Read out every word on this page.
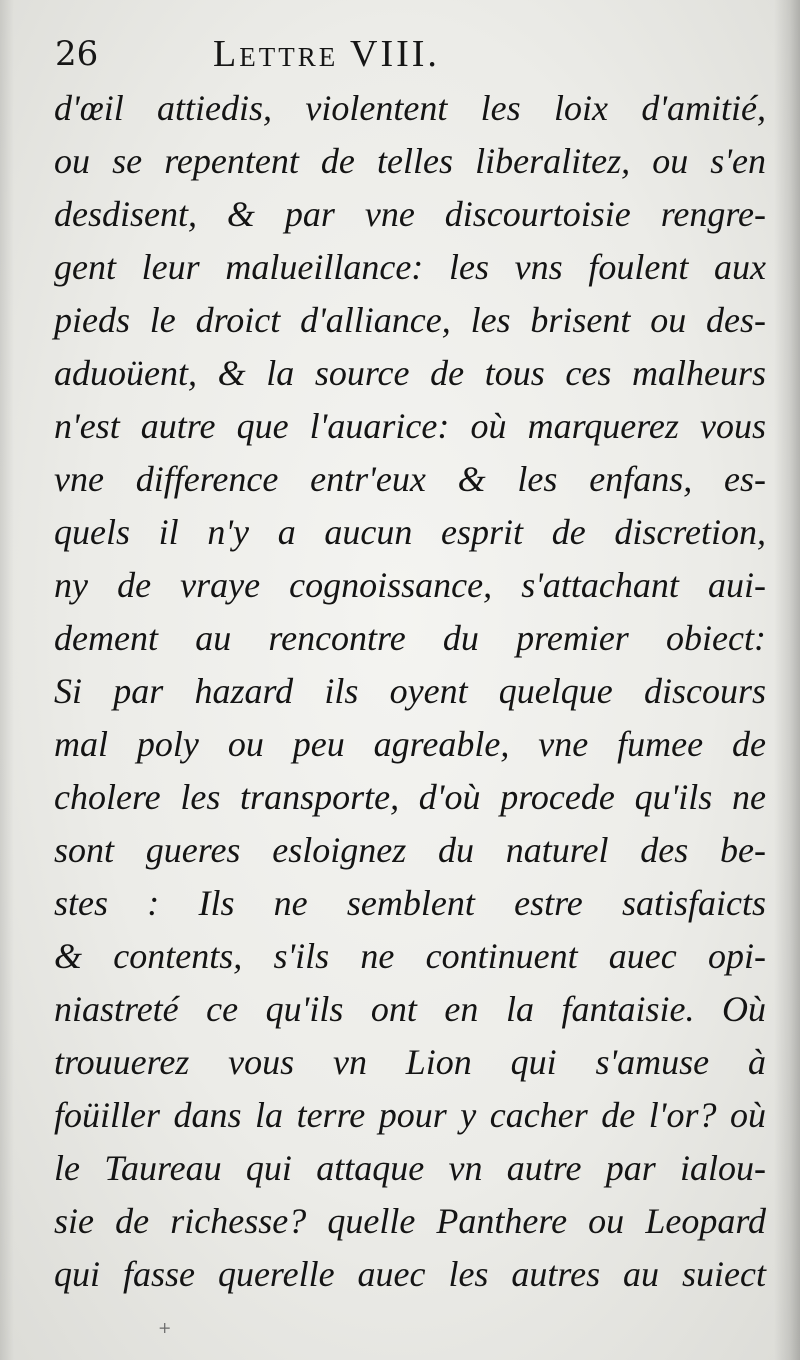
26	Lettre VIII.
d'œil attiedis, violentent les loix d'amitié,
ou se repentent de telles liberalitez, ou s'en
desdisent, & par vne discourtoisie rengre-
gent leur malueillance: les vns foulent aux
pieds le droict d'alliance, les brisent ou des-
aduoüent, & la source de tous ces malheurs
n'est autre que l'auarice: où marquerez vous
vne difference entr'eux & les enfans, es-
quels il n'y a aucun esprit de discretion,
ny de vraye cognoissance, s'attachant aui-
dement au rencontre du premier obiect:
Si par hazard ils oyent quelque discours
mal poly ou peu agreable, vne fumee de
cholere les transporte, d'où procede qu'ils ne
sont gueres esloignez du naturel des be-
stes : Ils ne semblent estre satisfaicts
& contents, s'ils ne continuent auec opi-
niastreté ce qu'ils ont en la fantaisie. Où
trouuerez vous vn Lion qui s'amuse à
foüiller dans la terre pour y cacher de l'or? où
le Taureau qui attaque vn autre par ialou-
sie de richesse? quelle Panthere ou Leopard
qui fasse querelle auec les autres au suiect
+
